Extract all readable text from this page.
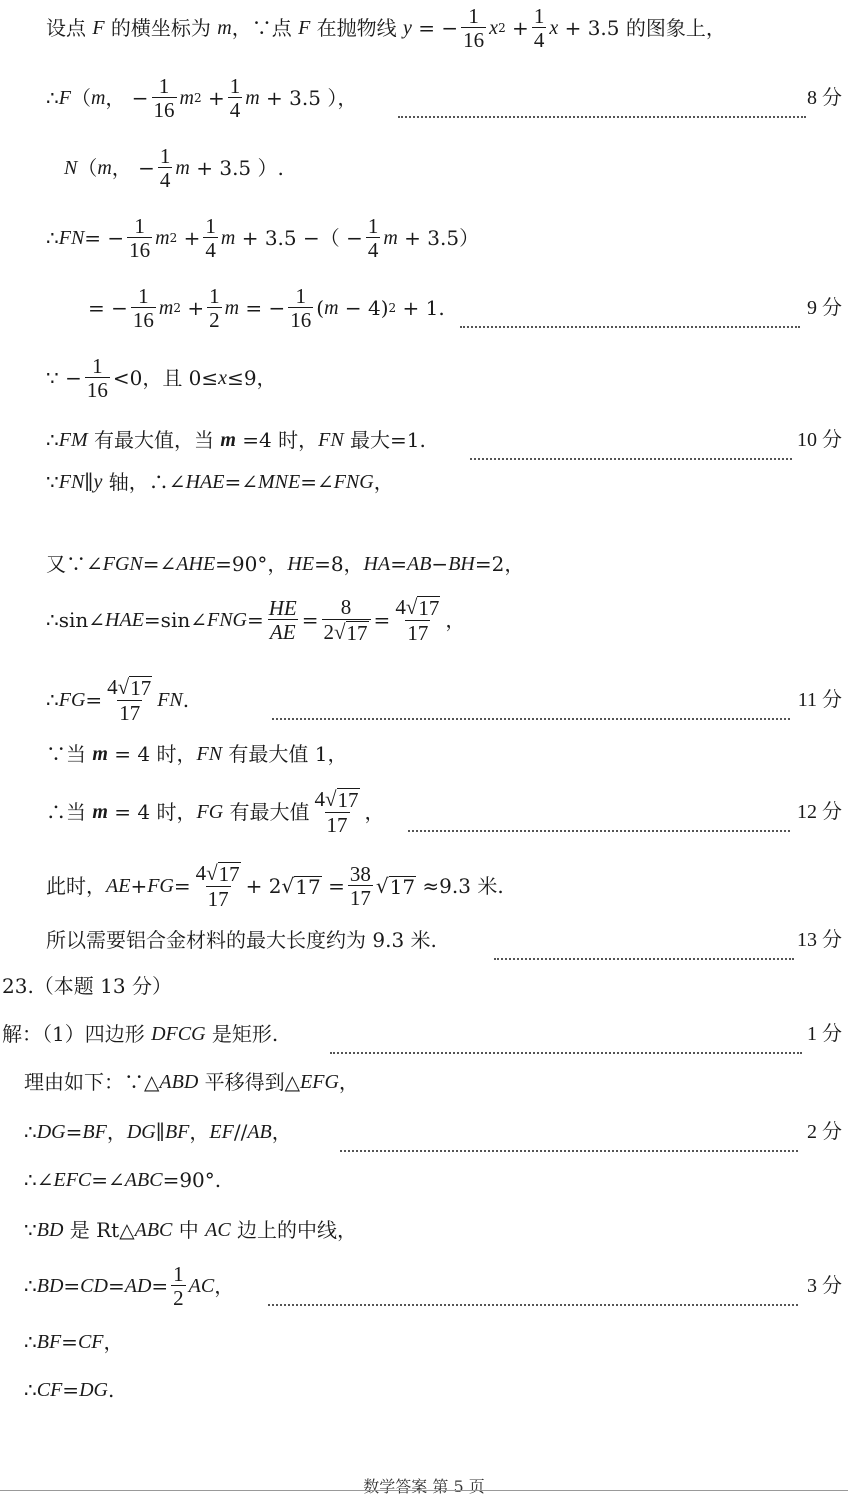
设点 F 的横坐标为 m ，∵点 F 在抛物线 y = − $\frac{1}{16}$ x $2 + \frac{1}{4}$ x + 3.5 的图象上，
∴ F （ m ， − $\frac{1}{16}$ m $2 + \frac{1}{4}$ m + 3.5 ），	8 分
N （ m ， − $\frac{1}{4}$ m + 3.5 ）.
∴ FN = − $\frac{1}{16}$ m $2 + \frac{1}{4}$ m + 3.5 −（ − $\frac{1}{4}$ m + 3.5）
= − $\frac{1}{16}$ m $2 + \frac{1}{2}$ m = − $\frac{1}{16}$ ( m − 4) 2 + 1.	9 分
∵ − $\frac{1}{16} <0$，且 0≤ x ≤9，
∴ FM 有最大值，当 m =4 时， FN 最大=1.	10 分
∵ FN ∥ y 轴，∴∠ HAE =∠ MNE =∠ FNG ，
又∵∠ FGN =∠ AHE =90°， HE =8， HA = AB − BH =2，
∴sin∠ HAE =sin∠ FNG = $\frac{HE}{AE} = \frac{8}{2√ 17} = \frac{4√ 17}{17}$ ，
∴ FG = $\frac{4√ 17}{17}$ FN .	11 分
∵当 m = 4 时， FN 有最大值 1，
∴当 m = 4 时， FG 有最大值 $\frac{4√ 17}{17}$ ，	12 分
此时， AE + FG = $\frac{4√ 17}{17} + 2$ √ $17 = \frac{38}{17}$ √ 17 ≈9.3 米.
所以需要铝合金材料的最大长度约为 9.3 米.	13 分
23.（本题 13 分）
解：（1）四边形 DFCG 是矩形.	1 分
理由如下：∵△ ABD 平移得到△ EFG ，
∴ DG = BF ， DG ∥ BF ， EF // AB ，	2 分
∴∠ EFC =∠ ABC =90°.
∵ BD 是 Rt△ ABC 中 AC 边上的中线，
∴ BD = CD = AD = $\frac{1}{2}$ AC ，	3 分
∴ BF = CF ，
∴ CF = DG .
数学答案 第 5 页
